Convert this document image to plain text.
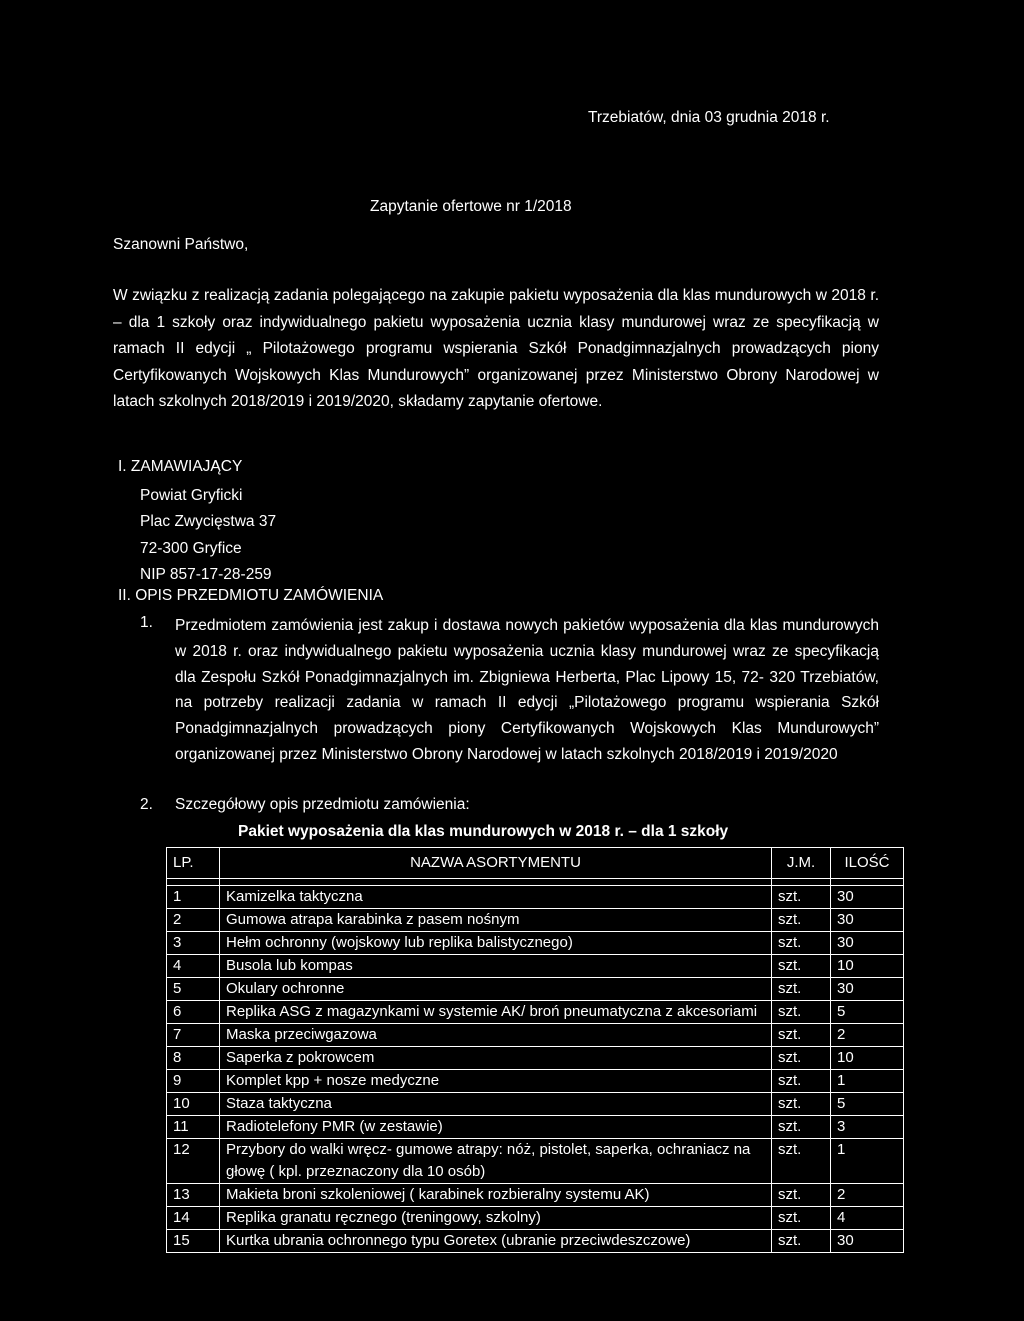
Trzebiatów, dnia 03 grudnia 2018 r.
Zapytanie ofertowe nr 1/2018
Szanowni Państwo,
W związku z realizacją zadania polegającego na zakupie pakietu wyposażenia dla klas mundurowych w 2018 r. – dla 1 szkoły oraz indywidualnego pakietu wyposażenia ucznia klasy mundurowej wraz ze specyfikacją w ramach II edycji „ Pilotażowego programu wspierania Szkół Ponadgimnazjalnych prowadzących piony Certyfikowanych Wojskowych Klas Mundurowych” organizowanej przez Ministerstwo Obrony Narodowej w latach szkolnych 2018/2019 i 2019/2020, składamy zapytanie ofertowe.
I. ZAMAWIAJĄCY
Powiat Gryficki
Plac Zwycięstwa 37
72-300 Gryfice
NIP 857-17-28-259
II. OPIS PRZEDMIOTU ZAMÓWIENIA
1. Przedmiotem zamówienia jest zakup i dostawa nowych pakietów wyposażenia dla klas mundurowych w 2018 r. oraz indywidualnego pakietu wyposażenia ucznia klasy mundurowej wraz ze specyfikacją dla Zespołu Szkół Ponadgimnazjalnych im. Zbigniewa Herberta, Plac Lipowy 15, 72- 320 Trzebiatów, na potrzeby realizacji zadania w ramach II edycji „Pilotażowego programu wspierania Szkół Ponadgimnazjalnych prowadzących piony Certyfikowanych Wojskowych Klas Mundurowych” organizowanej przez Ministerstwo Obrony Narodowej w latach szkolnych 2018/2019 i 2019/2020
2. Szczegółowy opis przedmiotu zamówienia:
Pakiet wyposażenia dla klas mundurowych w 2018 r. – dla 1 szkoły
LP.	NAZWA ASORTYMENTU	J.M.	ILOŚĆ

1	Kamizelka taktyczna	szt.	30
2	Gumowa atrapa karabinka z pasem nośnym	szt.	30
3	Hełm ochronny (wojskowy lub replika balistycznego)	szt.	30
4	Busola lub kompas	szt.	10
5	Okulary ochronne	szt.	30
6	Replika ASG z magazynkami w systemie AK/ broń pneumatyczna z akcesoriami	szt.	5
7	Maska przeciwgazowa	szt.	2
8	Saperka z pokrowcem	szt.	10
9	Komplet kpp + nosze medyczne	szt.	1
10	Staza taktyczna	szt.	5
11	Radiotelefony PMR (w zestawie)	szt.	3
12	Przybory do walki wręcz- gumowe atrapy: nóż, pistolet, saperka, ochraniacz na głowę ( kpl. przeznaczony dla 10 osób)	szt.	1
13	Makieta broni szkoleniowej ( karabinek rozbieralny systemu AK)	szt.	2
14	Replika granatu ręcznego (treningowy, szkolny)	szt.	4
15	Kurtka ubrania ochronnego typu Goretex (ubranie przeciwdeszczowe)	szt.	30
